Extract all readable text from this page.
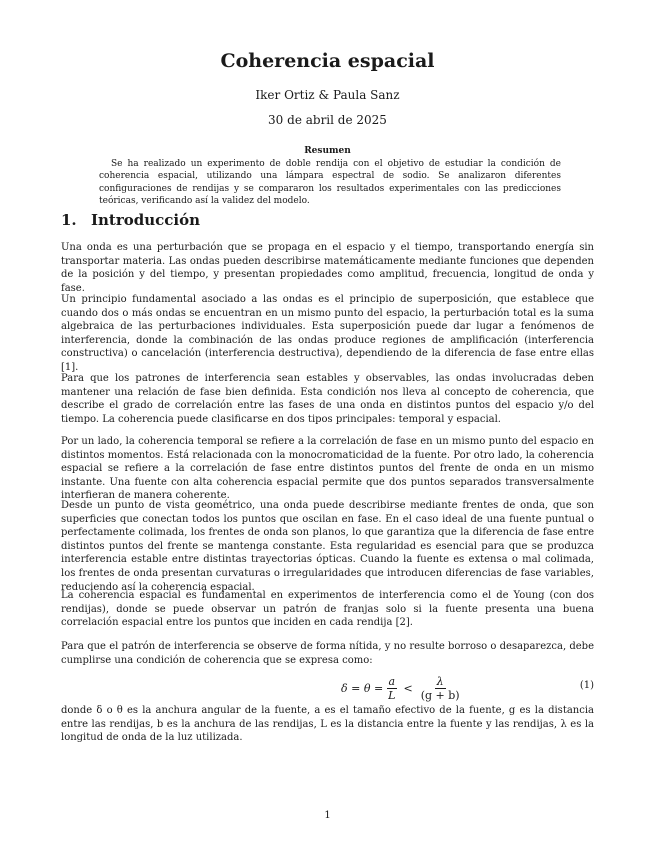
Coherencia espacial
Iker Ortiz & Paula Sanz
30 de abril de 2025
Resumen
Se ha realizado un experimento de doble rendija con el objetivo de estudiar la condición de coherencia espacial, utilizando una lámpara espectral de sodio. Se analizaron diferentes configuraciones de rendijas y se compararon los resultados experimentales con las predicciones teóricas, verificando así la validez del modelo.
1. Introducción

Una onda es una perturbación que se propaga en el espacio y el tiempo, transportando energía sin transportar materia. Las ondas pueden describirse matemáticamente mediante funciones que dependen de la posición y del tiempo, y presentan propiedades como amplitud, frecuencia, longitud de onda y fase.

Un principio fundamental asociado a las ondas es el principio de superposición, que establece que cuando dos o más ondas se encuentran en un mismo punto del espacio, la perturbación total es la suma algebraica de las perturbaciones individuales. Esta superposición puede dar lugar a fenómenos de interferencia, donde la combinación de las ondas produce regiones de amplificación (interferencia constructiva) o cancelación (interferencia destructiva), dependiendo de la diferencia de fase entre ellas [1].

Para que los patrones de interferencia sean estables y observables, las ondas involucradas deben mantener una relación de fase bien definida. Esta condición nos lleva al concepto de coherencia, que describe el grado de correlación entre las fases de una onda en distintos puntos del espacio y/o del tiempo. La coherencia puede clasificarse en dos tipos principales: temporal y espacial.

Por un lado, la coherencia temporal se refiere a la correlación de fase en un mismo punto del espacio en distintos momentos. Está relacionada con la monocromaticidad de la fuente. Por otro lado, la coherencia espacial se refiere a la correlación de fase entre distintos puntos del frente de onda en un mismo instante. Una fuente con alta coherencia espacial permite que dos puntos separados transversalmente interfieran de manera coherente.

Desde un punto de vista geométrico, una onda puede describirse mediante frentes de onda, que son superficies que conectan todos los puntos que oscilan en fase. En el caso ideal de una fuente puntual o perfectamente colimada, los frentes de onda son planos, lo que garantiza que la diferencia de fase entre distintos puntos del frente se mantenga constante. Esta regularidad es esencial para que se produzca interferencia estable entre distintas trayectorias ópticas. Cuando la fuente es extensa o mal colimada, los frentes de onda presentan curvaturas o irregularidades que introducen diferencias de fase variables, reduciendo así la coherencia espacial.

La coherencia espacial es fundamental en experimentos de interferencia como el de Young (con dos rendijas), donde se puede observar un patrón de franjas solo si la fuente presenta una buena correlación espacial entre los puntos que inciden en cada rendija [2].

Para que el patrón de interferencia se observe de forma nítida, y no resulte borroso o desaparezca, debe cumplirse una condición de coherencia que se expresa como:

$\delta = \theta = \frac{a}{L} < \frac{\lambda}{(g + b)}$	(1)

donde δ o θ es la anchura angular de la fuente, a es el tamaño efectivo de la fuente, g es la distancia entre las rendijas, b es la anchura de las rendijas, L es la distancia entre la fuente y las rendijas, λ es la longitud de onda de la luz utilizada.

1
